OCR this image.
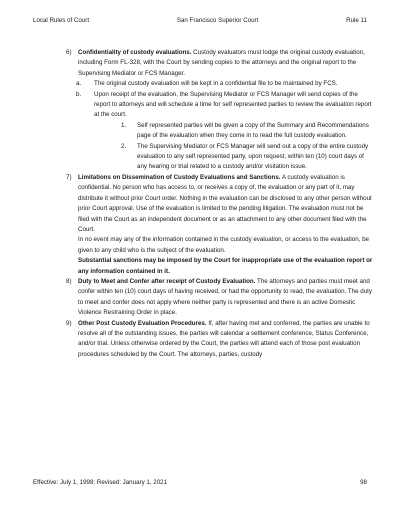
Local Rules of Court	San Francisco Superior Court	Rule 11
6) Confidentiality of custody evaluations. Custody evaluators must lodge the original custody evaluation, including Form FL-328, with the Court by sending copies to the attorneys and the original report to the Supervising Mediator or FCS Manager.

a. The original custody evaluation will be kept in a confidential file to be maintained by FCS.

b. Upon receipt of the evaluation, the Supervising Mediator or FCS Manager will send copies of the report to attorneys and will schedule a time for self represented parties to review the evaluation report at the court.

1. Self represented parties will be given a copy of the Summary and Recommendations page of the evaluation when they come in to read the full custody evaluation.

2. The Supervising Mediator or FCS Manager will send out a copy of the entire custody evaluation to any self represented party, upon request, within ten (10) court days of any hearing or trial related to a custody and/or visitation issue.

7) Limitations on Dissemination of Custody Evaluations and Sanctions. A custody evaluation is confidential. No person who has access to, or receives a copy of, the evaluation or any part of it, may distribute it without prior Court order. Nothing in the evaluation can be disclosed to any other person without prior Court approval. Use of the evaluation is limited to the pending litigation. The evaluation must not be filed with the Court as an independent document or as an attachment to any other document filed with the Court.

In no event may any of the information contained in the custody evaluation, or access to the evaluation, be given to any child who is the subject of the evaluation.

Substantial sanctions may be imposed by the Court for inappropriate use of the evaluation report or any information contained in it.

8) Duty to Meet and Confer after receipt of Custody Evaluation. The attorneys and parties must meet and confer within ten (10) court days of having received, or had the opportunity to read, the evaluation. The duty to meet and confer does not apply where neither party is represented and there is an active Domestic Violence Restraining Order in place.

9) Other Post Custody Evaluation Procedures. If, after having met and conferred, the parties are unable to resolve all of the outstanding issues, the parties will calendar a settlement conference, Status Conference, and/or trial. Unless otherwise ordered by the Court, the parties will attend each of those post evaluation procedures scheduled by the Court. The attorneys, parties, custody

Effective: July 1, 1998; Revised: January 1, 2021	98
